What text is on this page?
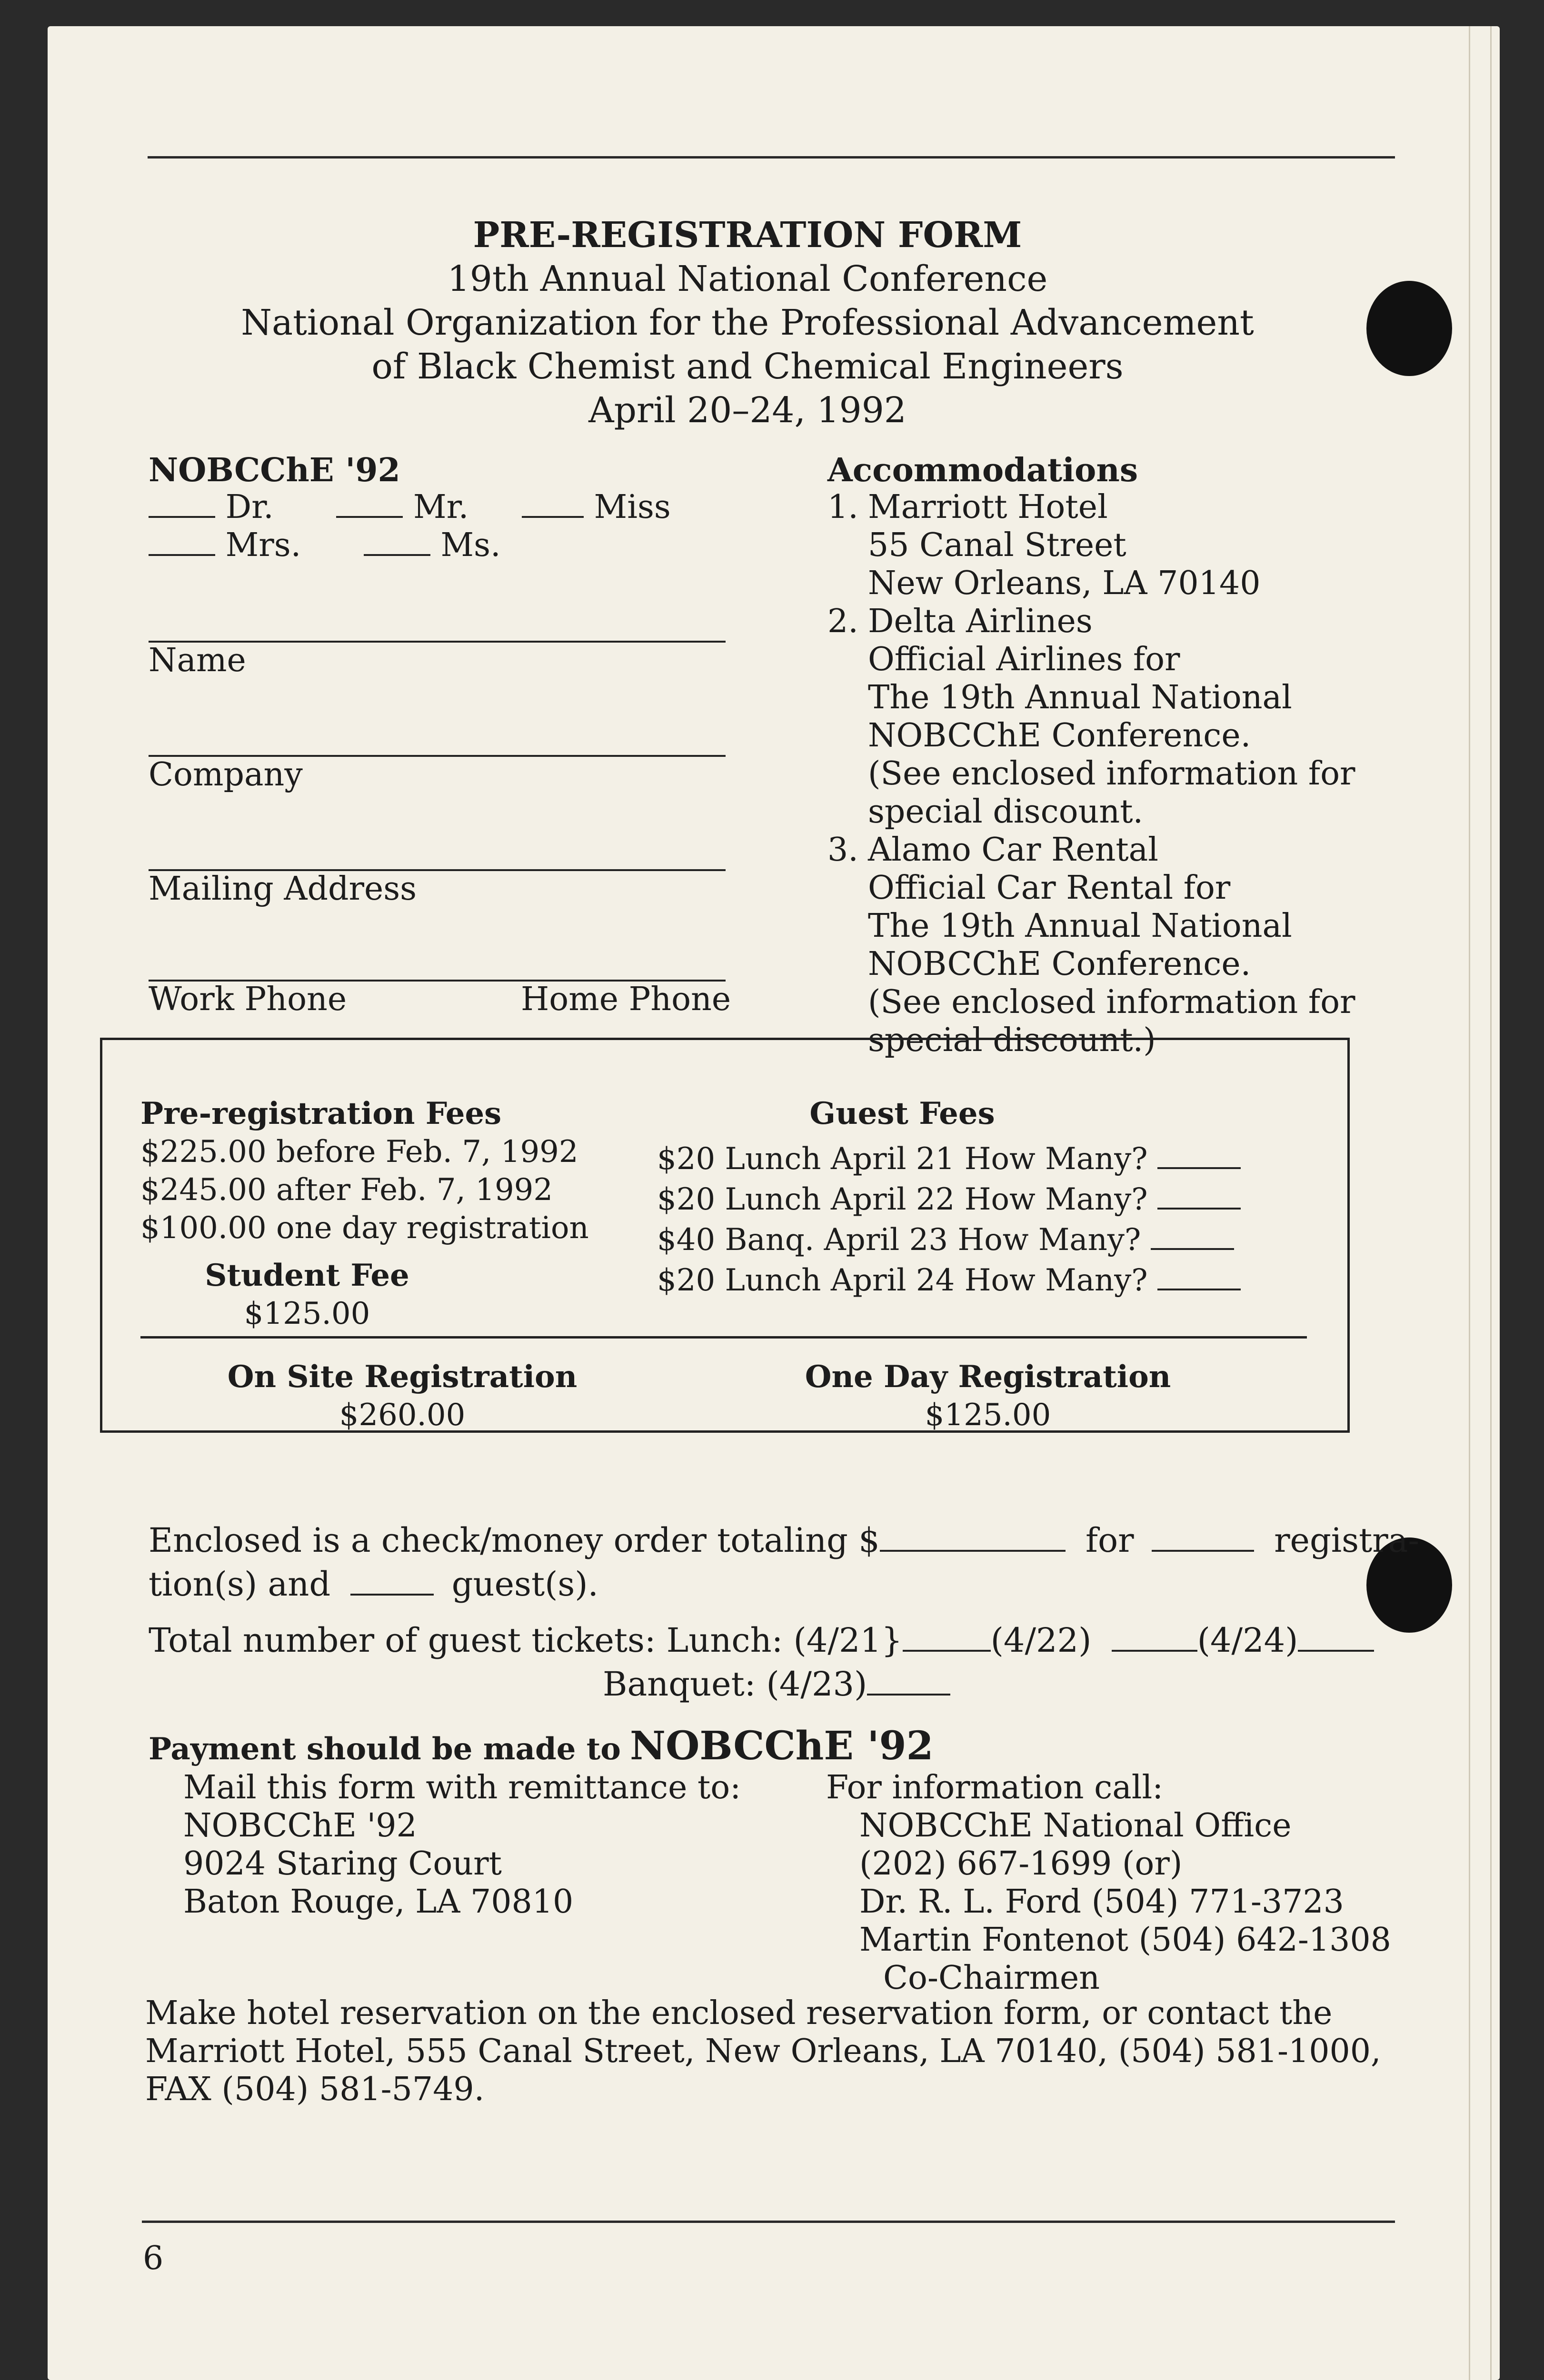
PRE-REGISTRATION FORM
19th Annual National Conference
National Organization for the Professional Advancement
of Black Chemist and Chemical Engineers
April 20–24, 1992
NOBCChE '92
Dr.	Mr.	Miss
Mrs.	Ms.
Name
Company
Mailing Address
Work Phone	Home Phone
Accommodations
1. Marriott Hotel
55 Canal Street
New Orleans, LA 70140
2. Delta Airlines
Official Airlines for
The 19th Annual National
NOBCChE Conference.
(See enclosed information for
special discount.
3. Alamo Car Rental
Official Car Rental for
The 19th Annual National
NOBCChE Conference.
(See enclosed information for
special discount.)
Pre-registration Fees
$225.00 before Feb. 7, 1992
$245.00 after Feb. 7, 1992
$100.00 one day registration
Student Fee
$125.00
Guest Fees
$20 Lunch April 21 How Many?
$20 Lunch April 22 How Many?
$40 Banq. April 23 How Many?
$20 Lunch April 24 How Many?
On Site Registration
$260.00
One Day Registration
$125.00
Enclosed is a check/money order totaling $	for	registra-
tion(s) and	guest(s).
Total number of guest tickets: Lunch: (4/21}	(4/22)	(4/24)
Banquet: (4/23)
Payment should be made to NOBCChE '92
Mail this form with remittance to:
NOBCChE '92
9024 Staring Court
Baton Rouge, LA 70810
For information call:
NOBCChE National Office
(202) 667-1699 (or)
Dr. R. L. Ford (504) 771-3723
Martin Fontenot (504) 642-1308
Co-Chairmen
Make hotel reservation on the enclosed reservation form, or contact the
Marriott Hotel, 555 Canal Street, New Orleans, LA 70140, (504) 581-1000,
FAX (504) 581-5749.
6
